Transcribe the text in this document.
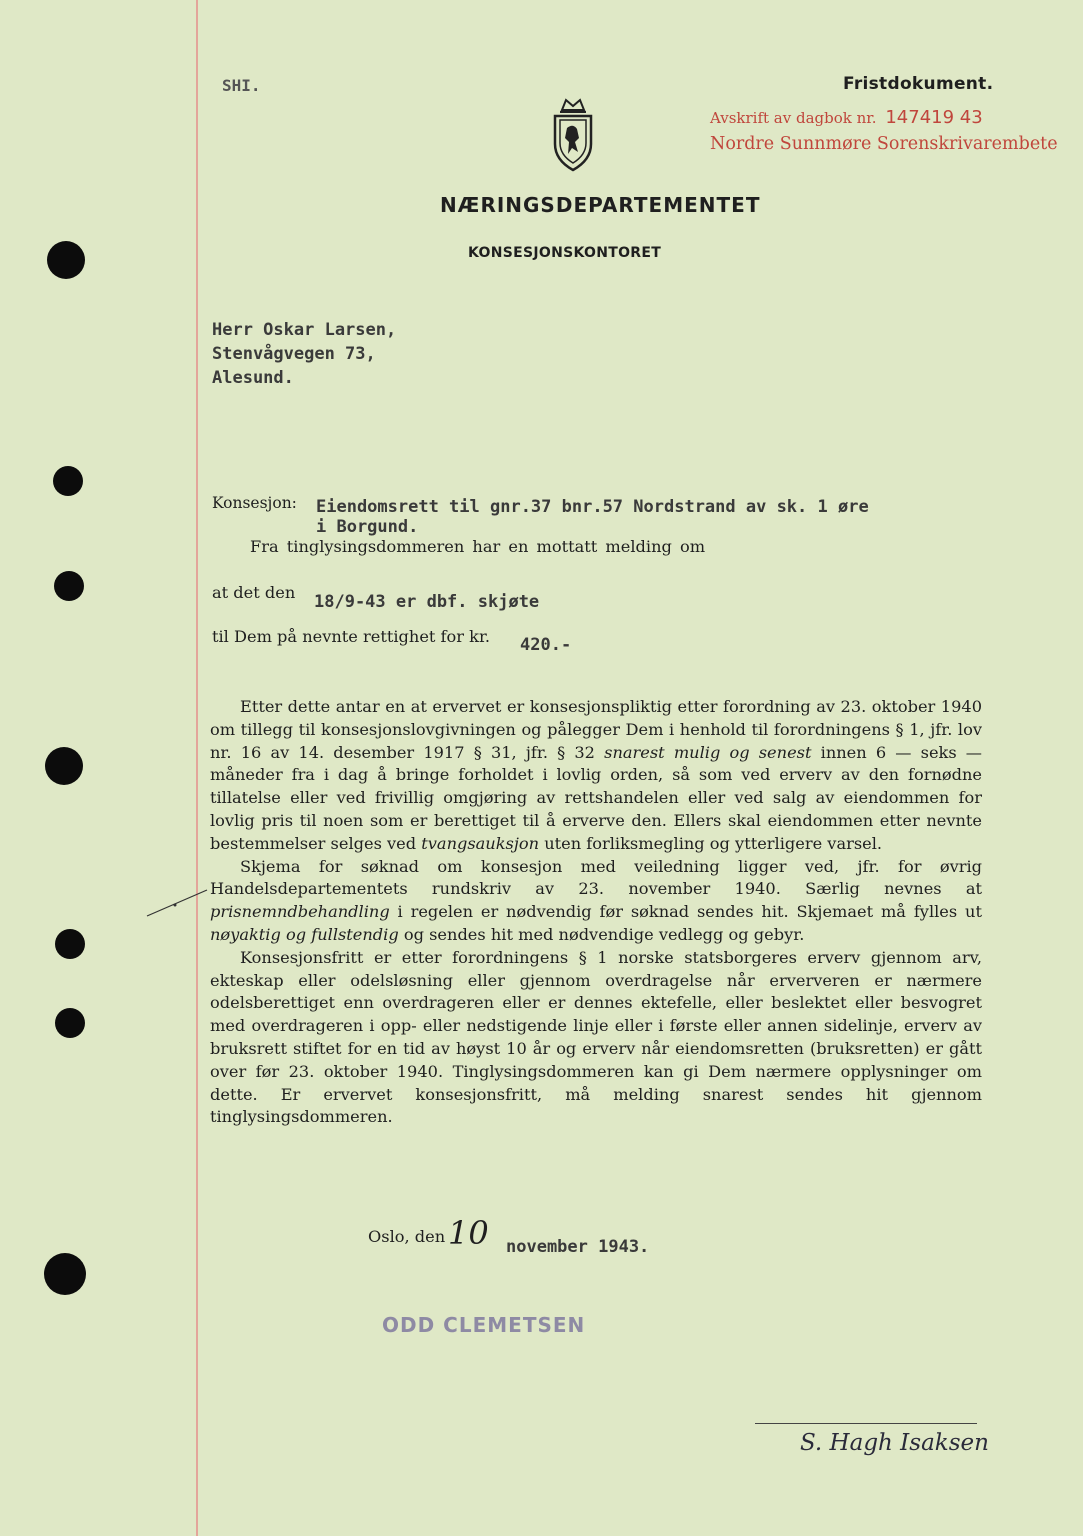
SHI.	Fristdokument.
Avskrift av dagbok nr. 147419 43
Nordre Sunnmøre Sorenskrivarembete
NÆRINGSDEPARTEMENTET
KONSESJONSKONTORET
Herr Oskar Larsen,
Stenvågvegen 73,
Alesund.
Konsesjon: Eiendomsrett til gnr.37 bnr.57 Nordstrand av sk. 1 øre
i Borgund.
Fra tinglysingsdommeren har en mottatt melding om
at det den 18/9-43 er dbf. skjøte
til Dem på nevnte rettighet for kr. 420.-

Etter dette antar en at ervervet er konsesjonspliktig etter forordning av 23. oktober 1940 om tillegg til konsesjonslovgivningen og pålegger Dem i henhold til forordningens § 1, jfr. lov nr. 16 av 14. desember 1917 § 31, jfr. § 32 snarest mulig og senest innen 6 — seks — måneder fra i dag å bringe forholdet i lovlig orden, så som ved erverv av den fornødne tillatelse eller ved frivillig omgjøring av rettshandelen eller ved salg av eiendommen for lovlig pris til noen som er berettiget til å erverve den. Ellers skal eiendommen etter nevnte bestemmelser selges ved tvangsauksjon uten forliksmegling og ytterligere varsel.

Skjema for søknad om konsesjon med veiledning ligger ved, jfr. for øvrig Handelsdepartementets rundskriv av 23. november 1940. Særlig nevnes at prisnemndbehandling i regelen er nødvendig før søknad sendes hit. Skjemaet må fylles ut nøyaktig og fullstendig og sendes hit med nødvendige vedlegg og gebyr.

Konsesjonsfritt er etter forordningens § 1 norske statsborgeres erverv gjennom arv, ekteskap eller odelsløsning eller gjennom overdragelse når erververen er nærmere odelsberettiget enn overdrageren eller er dennes ektefelle, eller beslektet eller besvogret med overdrageren i opp- eller nedstigende linje eller i første eller annen sidelinje, erverv av bruksrett stiftet for en tid av høyst 10 år og erverv når eiendomsretten (bruksretten) er gått over før 23. oktober 1940. Tinglysingsdommeren kan gi Dem nærmere opplysninger om dette. Er ervervet konsesjonsfritt, må melding snarest sendes hit gjennom tinglysingsdommeren.

Oslo, den 10 november 1943.
ODD CLEMETSEN
S. Hagh Isaksen
